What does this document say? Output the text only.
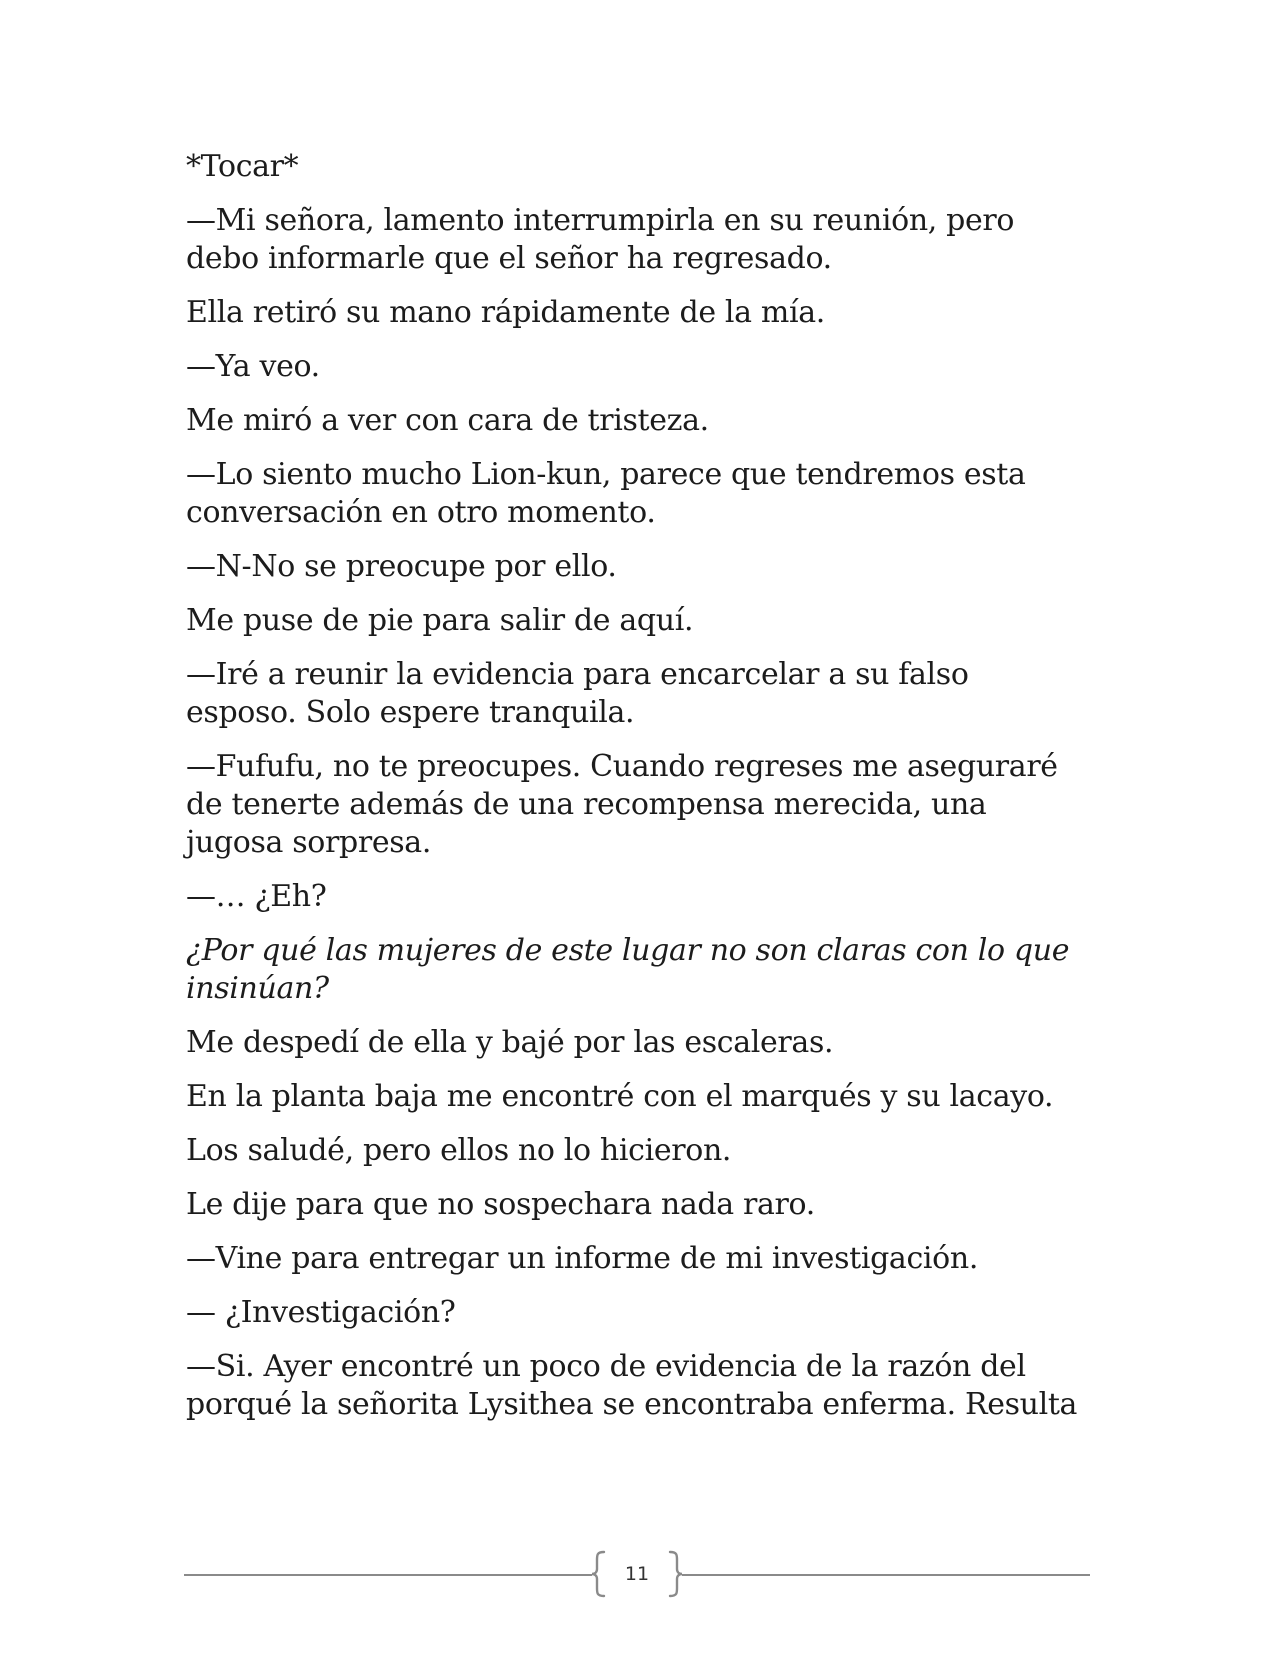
*Tocar*

—Mi señora, lamento interrumpirla en su reunión, pero debo informarle que el señor ha regresado.

Ella retiró su mano rápidamente de la mía.

—Ya veo.

Me miró a ver con cara de tristeza.

—Lo siento mucho Lion-kun, parece que tendremos esta conversación en otro momento.

—N-No se preocupe por ello.

Me puse de pie para salir de aquí.

—Iré a reunir la evidencia para encarcelar a su falso esposo. Solo espere tranquila.

—Fufufu, no te preocupes. Cuando regreses me aseguraré de tenerte además de una recompensa merecida, una jugosa sorpresa.

—… ¿Eh?

¿Por qué las mujeres de este lugar no son claras con lo que insinúan?

Me despedí de ella y bajé por las escaleras.

En la planta baja me encontré con el marqués y su lacayo.

Los saludé, pero ellos no lo hicieron.

Le dije para que no sospechara nada raro.

—Vine para entregar un informe de mi investigación.

— ¿Investigación?

—Si. Ayer encontré un poco de evidencia de la razón del porqué la señorita Lysithea se encontraba enferma. Resulta

11
